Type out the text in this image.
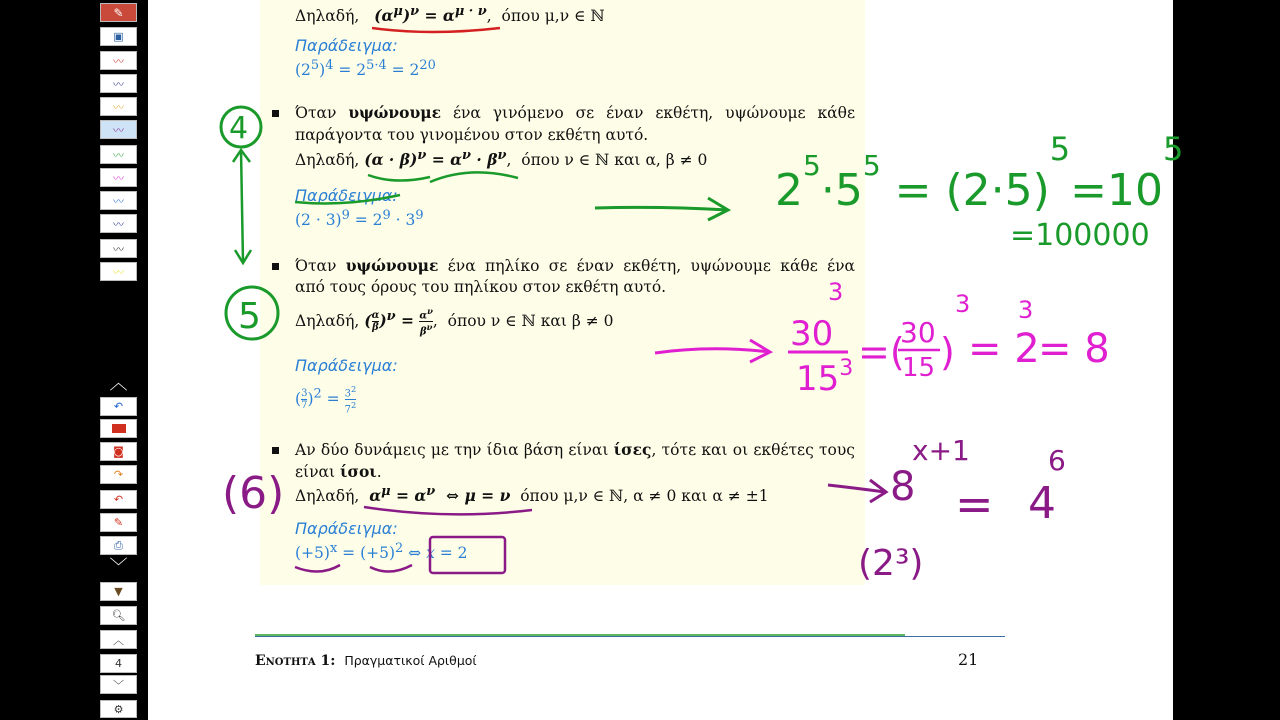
✎
▣
〰
〰
〰
〰
〰
〰
〰
〰
〰
〰
︿
↶
◙
↷
↶
✎
⎙
﹀
▼
🔍︎
︿
4
﹀
⚙
Δηλαδή, $(\alpha^\mu)^\nu = \alpha^{\mu \cdot \nu}$,  όπου μ,ν ∈ ℕ
Παράδειγμα:
$(2^5)^4 = 2^{5\cdot 4} = 2^{20}$
Όταν υψώνουμε ένα γινόμενο σε έναν εκθέτη, υψώνουμε κάθε
παράγοντα του γινομένου στον εκθέτη αυτό.
Δηλαδή, $(\alpha \cdot \beta)^\nu = \alpha^\nu \cdot \beta^\nu$,  όπου ν ∈ ℕ και α, β ≠ 0
Παράδειγμα:
$(2 \cdot 3)^9 = 2^9 \cdot 3^9$
Όταν υψώνουμε ένα πηλίκο σε έναν εκθέτη, υψώνουμε κάθε ένα
από τους όρους του πηλίκου στον εκθέτη αυτό.
Δηλαδή, ( α
$\beta)^\nu = \alpha^\nu$
$\beta^\nu$,  όπου ν ∈ ℕ και β ≠ 0
Παράδειγμα:
( 3
$7)^2 = 3^2$
$7^2$
Αν δύο δυνάμεις με την ίδια βάση είναι ίσες, τότε και οι εκθέτες τους
είναι ίσοι.
Δηλαδή, $\alpha^\mu = \alpha^\nu$  ⇔ μ = ν όπου μ,ν ∈ ℕ, α ≠ 0 και α ≠ ±1
Παράδειγμα:
$(+5)^x = (+5)^2$ ⇔ x = 2
Ενοτητα 1: Πραγματικοί Αριθμοί	21
4
5
$2^5\cdot 5^5 = (2\cdot 5)^5=10^5$
=100000
30
3
$15^3$ =(
30
15 )
3
= 2
3
= 8
(6)	8
x+1
= 4
6
(2³)
